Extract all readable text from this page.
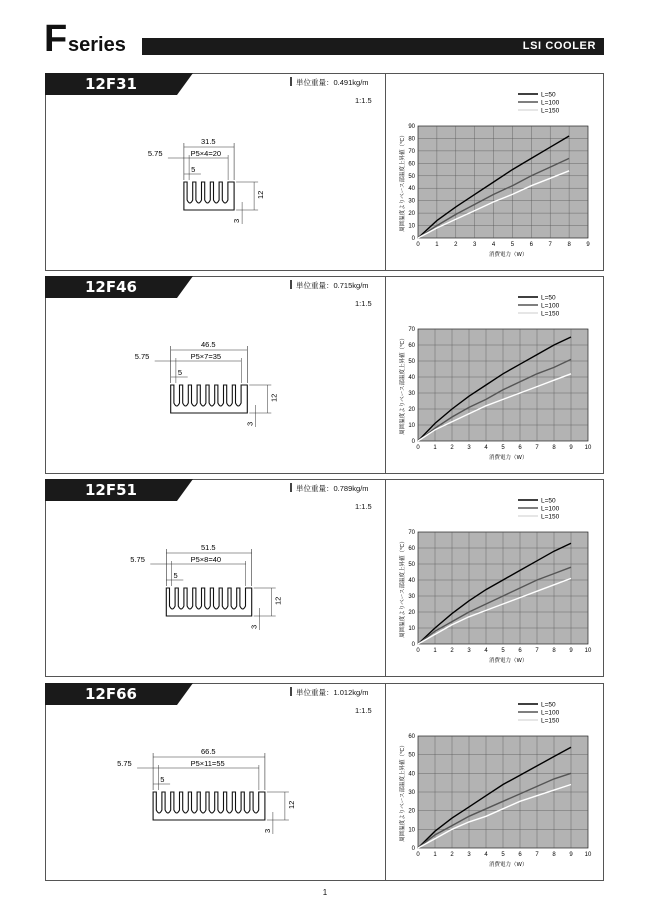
F series	LSI COOLER
12F31	単位重量：0.491kg/m
1:1.5
31.5
P5×4=20
5.75
5
12
3
0	1	2	3	4	5	6	7	8	9
0
10
20
30
40
50
60
70
80
90
消費電力（W）
周囲温度よりベース部温度上昇値（℃）
L=50
L=100
L=150
12F46	単位重量：0.715kg/m
1:1.5
46.5
P5×7=35
5.75
5
12
3
0 1 2 3 4 5 6 7 8 9 10
0
10
20
30
40
50
60
70
消費電力（W）
周囲温度よりベース部温度上昇値（℃）
L=50
L=100
L=150
12F51	単位重量：0.789kg/m
1:1.5
51.5
P5×8=40
5.75
5
12
3
0 1 2 3 4 5 6 7 8 9 10
0
10
20
30
40
50
60
70
消費電力（W）
周囲温度よりベース部温度上昇値（℃）
L=50
L=100
L=150
12F66	単位重量：1.012kg/m
1:1.5
66.5
P5×11=55
5.75
5
12
3
0 1 2 3 4 5 6 7 8 9 10
0
10
20
30
40
50
60
消費電力（W）
周囲温度よりベース部温度上昇値（℃）
L=50
L=100
L=150
1
